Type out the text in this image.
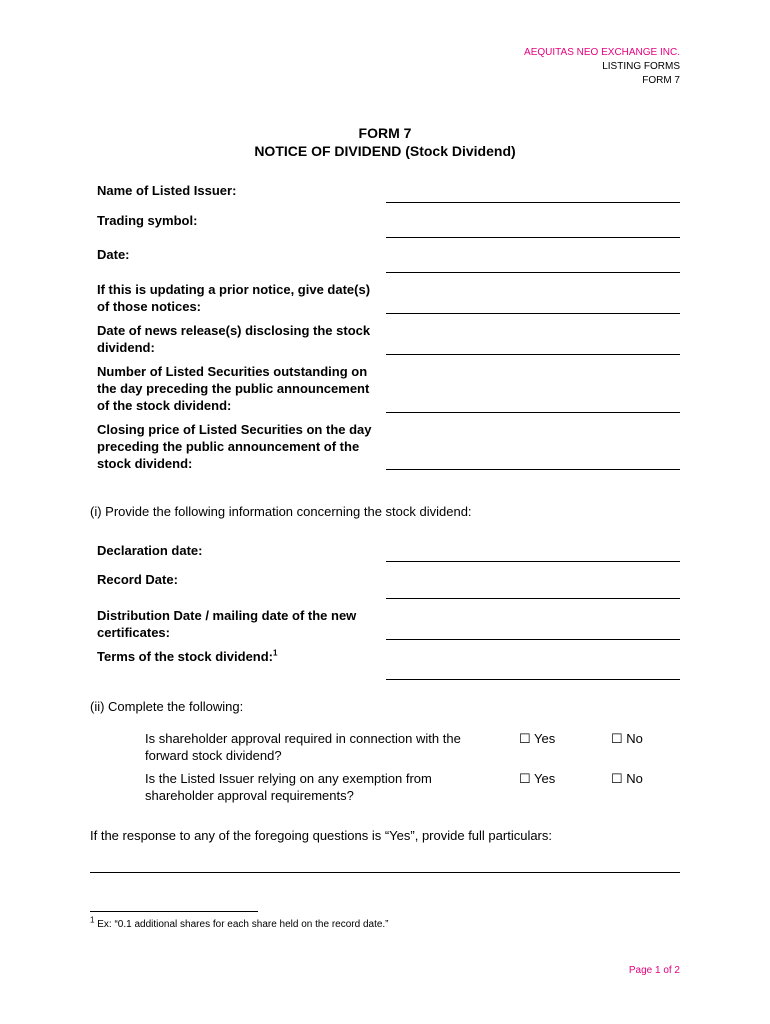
AEQUITAS NEO EXCHANGE INC.
LISTING FORMS
FORM 7
FORM 7
NOTICE OF DIVIDEND (Stock Dividend)
Name of Listed Issuer:
Trading symbol:
Date:
If this is updating a prior notice, give date(s) of those notices:
Date of news release(s) disclosing the stock dividend:
Number of Listed Securities outstanding on the day preceding the public announcement of the stock dividend:
Closing price of Listed Securities on the day preceding the public announcement of the stock dividend:
(i) Provide the following information concerning the stock dividend:
Declaration date:
Record Date:
Distribution Date / mailing date of the new certificates:
Terms of the stock dividend:$^1$
(ii) Complete the following:
Is shareholder approval required in connection with the forward stock dividend?
☐ Yes	☐ No
Is the Listed Issuer relying on any exemption from shareholder approval requirements?
☐ Yes	☐ No
If the response to any of the foregoing questions is “Yes”, provide full particulars:
$^1$ Ex: “0.1 additional shares for each share held on the record date.”
Page 1 of 2
